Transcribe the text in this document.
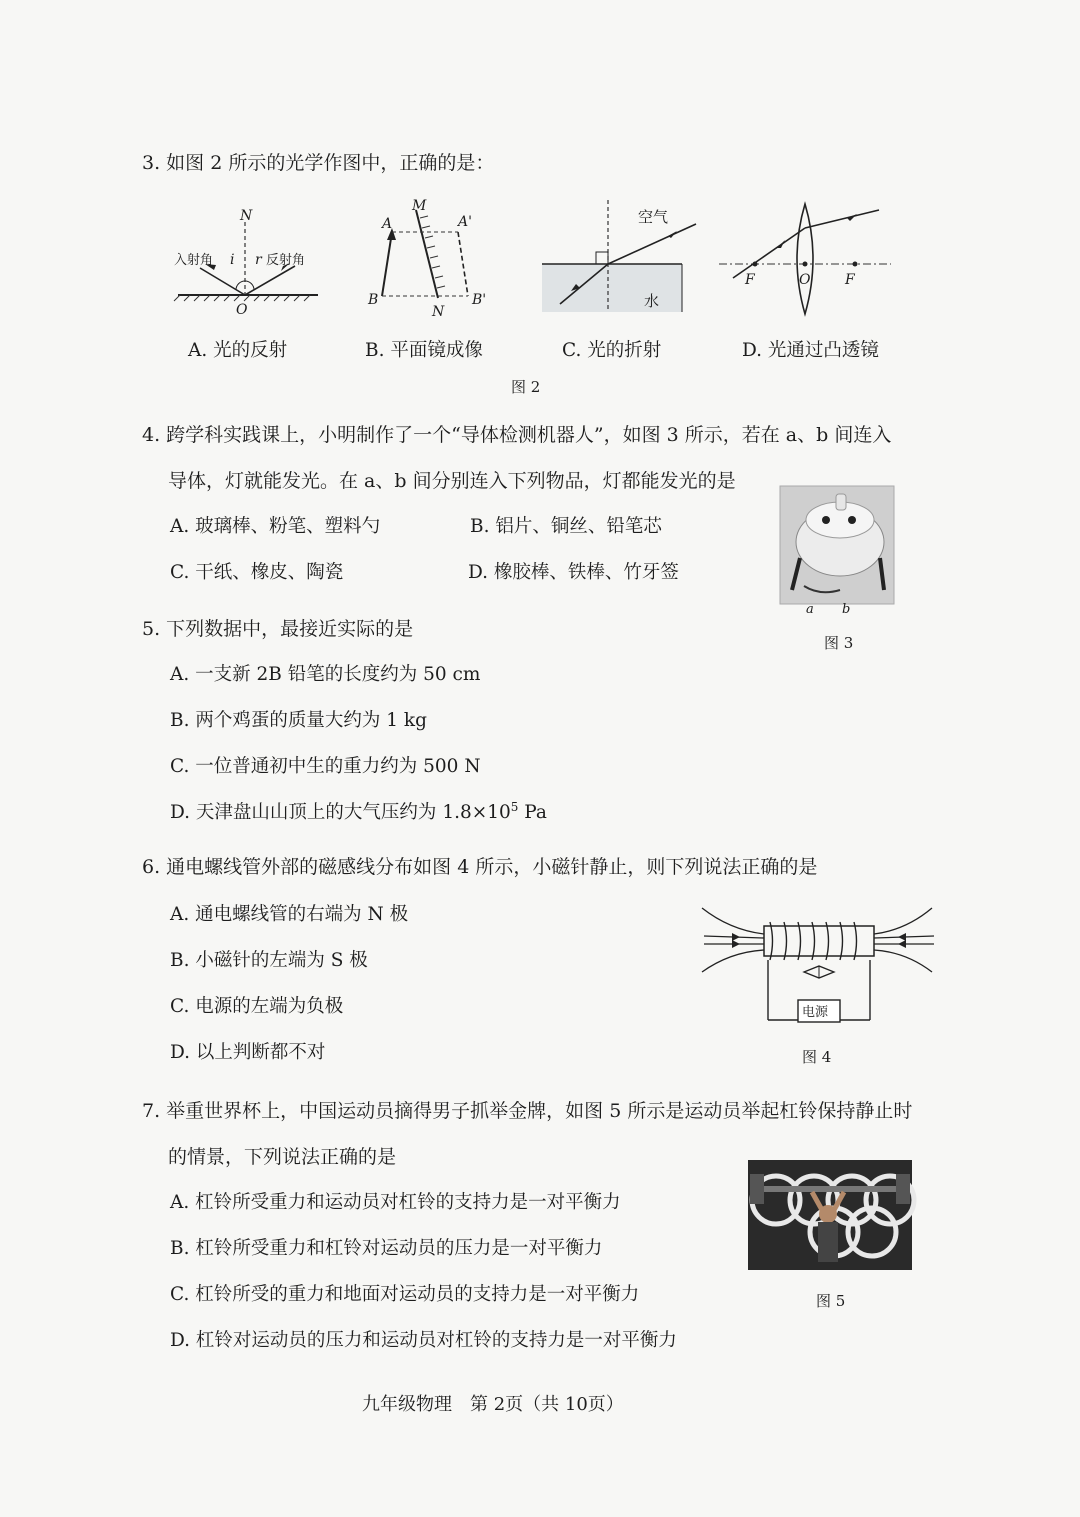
3. 如图 2 所示的光学作图中，正确的是：
N
入射角 i r 反射角
O
M
N
A	A'
B	B'
空气
水
F	O F
A. 光的反射	B. 平面镜成像	C. 光的折射	D. 光通过凸透镜
图 2
4. 跨学科实践课上，小明制作了一个“导体检测机器人”，如图 3 所示，若在 a、b 间连入
导体，灯就能发光。在 a、b 间分别连入下列物品，灯都能发光的是
A. 玻璃棒、粉笔、塑料勺	B. 铝片、铜丝、铅笔芯
C. 干纸、橡皮、陶瓷	D. 橡胶棒、铁棒、竹牙签
a b
图 3
5. 下列数据中，最接近实际的是
A. 一支新 2B 铅笔的长度约为 50 cm
B. 两个鸡蛋的质量大约为 1 kg
C. 一位普通初中生的重力约为 500 N
D. 天津盘山山顶上的大气压约为 $1.8\times 10^5$ Pa
6. 通电螺线管外部的磁感线分布如图 4 所示，小磁针静止，则下列说法正确的是
A. 通电螺线管的右端为 N 极
B. 小磁针的左端为 S 极
C. 电源的左端为负极
D. 以上判断都不对
电源
图 4
7. 举重世界杯上，中国运动员摘得男子抓举金牌，如图 5 所示是运动员举起杠铃保持静止时
的情景，下列说法正确的是
A. 杠铃所受重力和运动员对杠铃的支持力是一对平衡力
B. 杠铃所受重力和杠铃对运动员的压力是一对平衡力
C. 杠铃所受的重力和地面对运动员的支持力是一对平衡力
D. 杠铃对运动员的压力和运动员对杠铃的支持力是一对平衡力
图 5
九年级物理　第 2页（共 10页）
